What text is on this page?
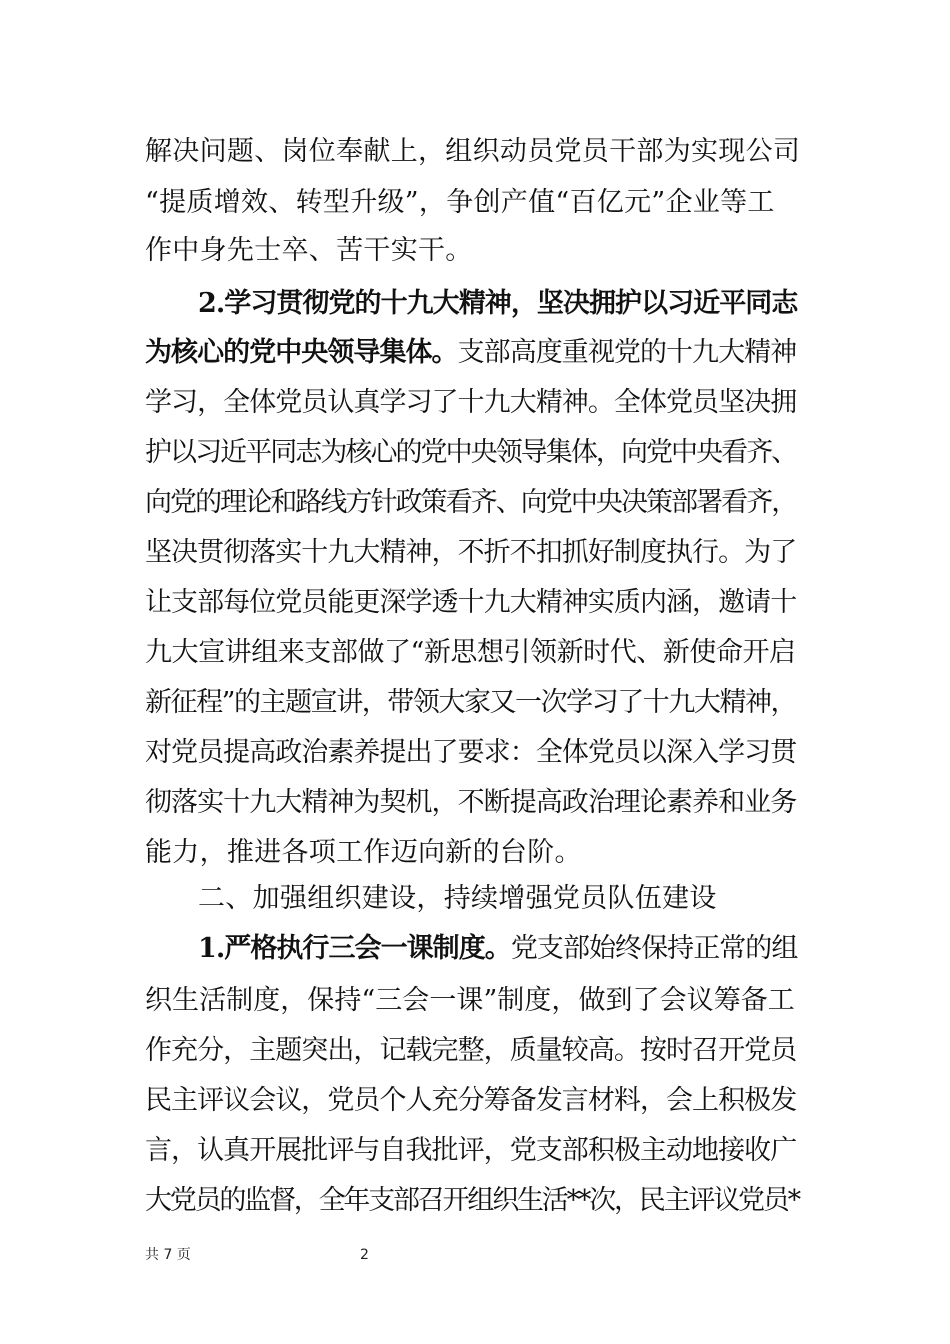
解决问题、岗位奉献上，组织动员党员干部为实现公司
“提质增效、转型升级”，争创产值“百亿元”企业等工
作中身先士卒、苦干实干。
2.学习贯彻党的十九大精神，坚决拥护以习近平同志
为核心的党中央领导集体。支部高度重视党的十九大精神
学习，全体党员认真学习了十九大精神。全体党员坚决拥
护以习近平同志为核心的党中央领导集体，向党中央看齐、
向党的理论和路线方针政策看齐、向党中央决策部署看齐，
坚决贯彻落实十九大精神，不折不扣抓好制度执行。为了
让支部每位党员能更深学透十九大精神实质内涵，邀请十
九大宣讲组来支部做了“新思想引领新时代、新使命开启
新征程”的主题宣讲，带领大家又一次学习了十九大精神，
对党员提高政治素养提出了要求：全体党员以深入学习贯
彻落实十九大精神为契机，不断提高政治理论素养和业务
能力，推进各项工作迈向新的台阶。
二、加强组织建设，持续增强党员队伍建设
1.严格执行三会一课制度。党支部始终保持正常的组
织生活制度，保持“三会一课”制度，做到了会议筹备工
作充分，主题突出，记载完整，质量较高。按时召开党员
民主评议会议，党员个人充分筹备发言材料，会上积极发
言，认真开展批评与自我批评，党支部积极主动地接收广
大党员的监督，全年支部召开组织生活**次，民主评议党员*
共 7 页	2
